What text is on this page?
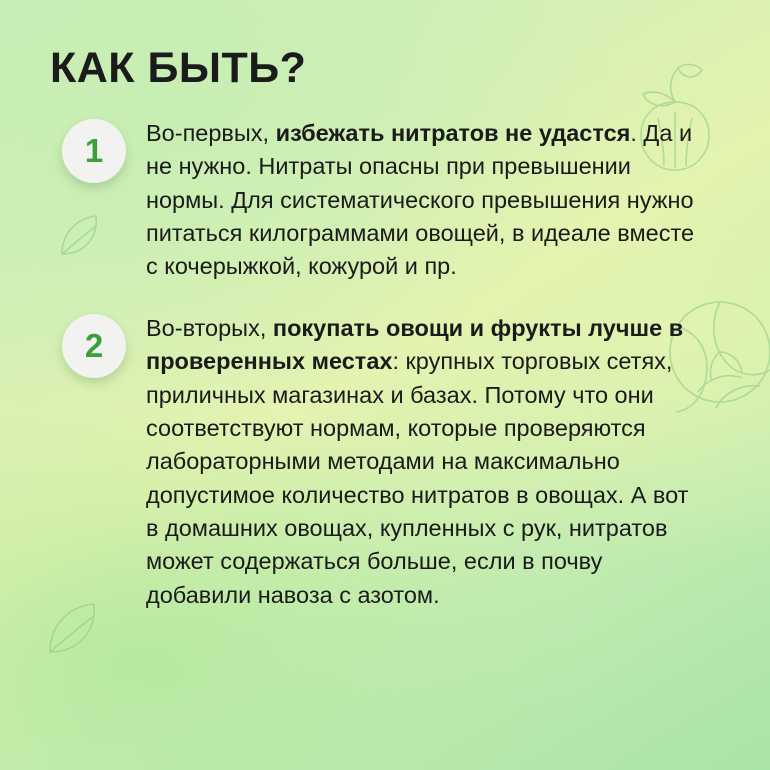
КАК БЫТЬ?
1	Во-первых, избежать нитратов не удастся. Да и не нужно. Нитраты опасны при превышении нормы. Для систематического превышения нужно питаться килограммами овощей, в идеале вместе с кочерыжкой, кожурой и пр.
2	Во-вторых, покупать овощи и фрукты лучше в проверенных местах: крупных торговых сетях, приличных магазинах и базах. Потому что они соответствуют нормам, которые проверяются лабораторными методами на максимально допустимое количество нитратов в овощах. А вот в домашних овощах, купленных с рук, нитратов может содержаться больше, если в почву добавили навоза с азотом.
